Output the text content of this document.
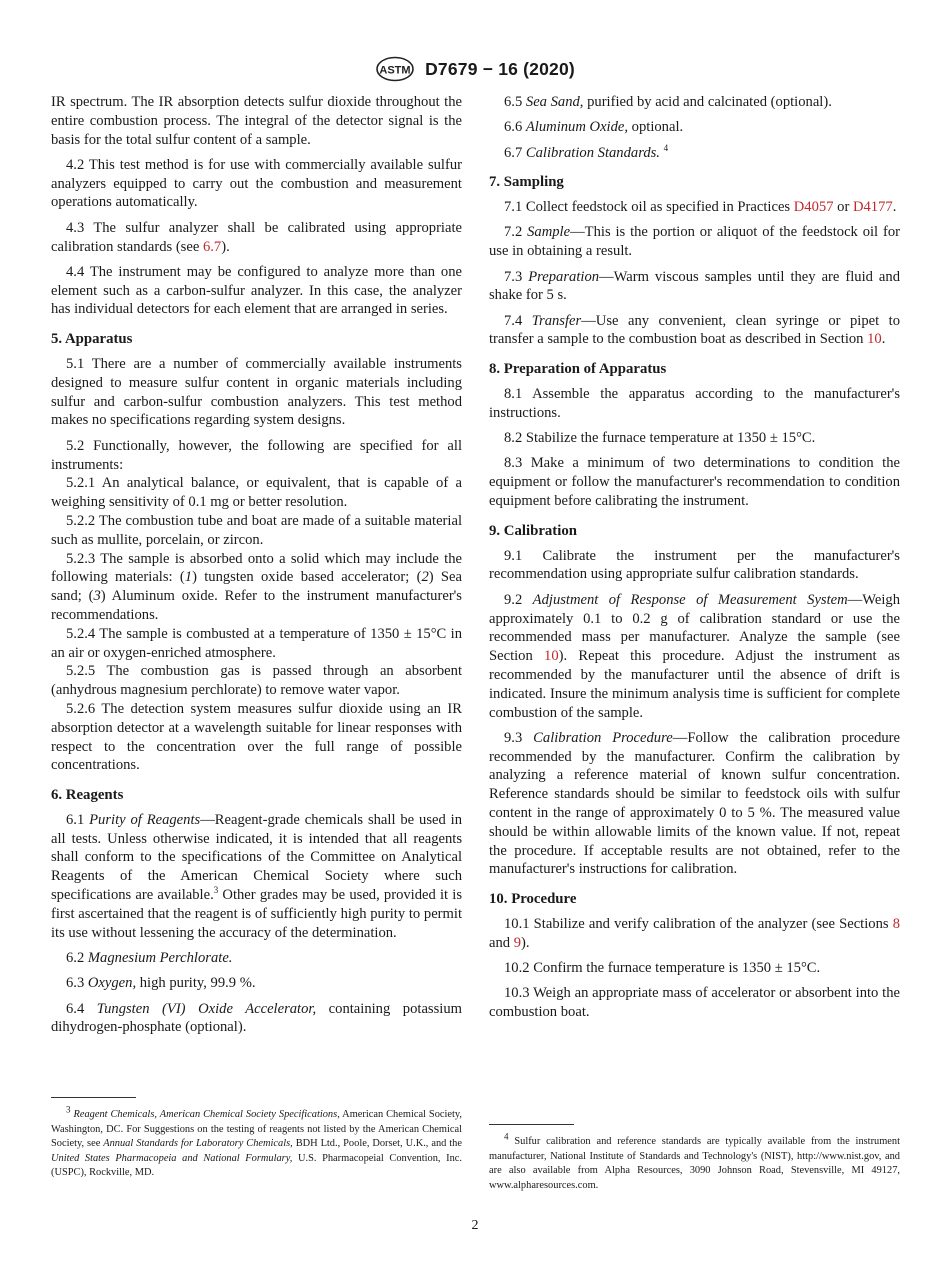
ASTM D7679 − 16 (2020)

IR spectrum. The IR absorption detects sulfur dioxide throughout the entire combustion process. The integral of the detector signal is the basis for the total sulfur content of a sample.

4.2 This test method is for use with commercially available sulfur analyzers equipped to carry out the combustion and measurement operations automatically.

4.3 The sulfur analyzer shall be calibrated using appropriate calibration standards (see 6.7).

4.4 The instrument may be configured to analyze more than one element such as a carbon-sulfur analyzer. In this case, the analyzer has individual detectors for each element that are arranged in series.

5. Apparatus

5.1 There are a number of commercially available instruments designed to measure sulfur content in organic materials including sulfur and carbon-sulfur combustion analyzers. This test method makes no specifications regarding system designs.

5.2 Functionally, however, the following are specified for all instruments:

5.2.1 An analytical balance, or equivalent, that is capable of a weighing sensitivity of 0.1 mg or better resolution.

5.2.2 The combustion tube and boat are made of a suitable material such as mullite, porcelain, or zircon.

5.2.3 The sample is absorbed onto a solid which may include the following materials: (1) tungsten oxide based accelerator; (2) Sea sand; (3) Aluminum oxide. Refer to the instrument manufacturer's recommendations.

5.2.4 The sample is combusted at a temperature of 1350 ± 15°C in an air or oxygen-enriched atmosphere.

5.2.5 The combustion gas is passed through an absorbent (anhydrous magnesium perchlorate) to remove water vapor.

5.2.6 The detection system measures sulfur dioxide using an IR absorption detector at a wavelength suitable for linear responses with respect to the concentration over the full range of possible concentrations.

6. Reagents

6.1 Purity of Reagents—Reagent-grade chemicals shall be used in all tests. Unless otherwise indicated, it is intended that all reagents shall conform to the specifications of the Committee on Analytical Reagents of the American Chemical Society where such specifications are available.$^3$ Other grades may be used, provided it is first ascertained that the reagent is of sufficiently high purity to permit its use without lessening the accuracy of the determination.

6.2 Magnesium Perchlorate.

6.3 Oxygen, high purity, 99.9 %.

6.4 Tungsten (VI) Oxide Accelerator, containing potassium dihydrogen-phosphate (optional).

6.5 Sea Sand, purified by acid and calcinated (optional).

6.6 Aluminum Oxide, optional.

6.7 Calibration Standards. $^4$

7. Sampling

7.1 Collect feedstock oil as specified in Practices D4057 or D4177.

7.2 Sample—This is the portion or aliquot of the feedstock oil for use in obtaining a result.

7.3 Preparation—Warm viscous samples until they are fluid and shake for 5 s.

7.4 Transfer—Use any convenient, clean syringe or pipet to transfer a sample to the combustion boat as described in Section 10.

8. Preparation of Apparatus

8.1 Assemble the apparatus according to the manufacturer's instructions.

8.2 Stabilize the furnace temperature at 1350 ± 15°C.

8.3 Make a minimum of two determinations to condition the equipment or follow the manufacturer's recommendation to condition equipment before calibrating the instrument.

9. Calibration

9.1 Calibrate the instrument per the manufacturer's recommendation using appropriate sulfur calibration standards.

9.2 Adjustment of Response of Measurement System—Weigh approximately 0.1 to 0.2 g of calibration standard or use the recommended mass per manufacturer. Analyze the sample (see Section 10). Repeat this procedure. Adjust the instrument as recommended by the manufacturer until the absence of drift is indicated. Insure the minimum analysis time is sufficient for complete combustion of the sample.

9.3 Calibration Procedure—Follow the calibration procedure recommended by the manufacturer. Confirm the calibration by analyzing a reference material of known sulfur concentration. Reference standards should be similar to feedstock oils with sulfur content in the range of approximately 0 to 5 %. The measured value should be within allowable limits of the known value. If not, repeat the procedure. If acceptable results are not obtained, refer to the manufacturer's instructions for calibration.

10. Procedure

10.1 Stabilize and verify calibration of the analyzer (see Sections 8 and 9).

10.2 Confirm the furnace temperature is 1350 ± 15°C.

10.3 Weigh an appropriate mass of accelerator or absorbent into the combustion boat.

$^3$ Reagent Chemicals, American Chemical Society Specifications, American Chemical Society, Washington, DC. For Suggestions on the testing of reagents not listed by the American Chemical Society, see Annual Standards for Laboratory Chemicals, BDH Ltd., Poole, Dorset, U.K., and the United States Pharmacopeia and National Formulary, U.S. Pharmacopeial Convention, Inc. (USPC), Rockville, MD.

$^4$ Sulfur calibration and reference standards are typically available from the instrument manufacturer, National Institute of Standards and Technology's (NIST), http://www.nist.gov, and are also available from Alpha Resources, 3090 Johnson Road, Stevensville, MI 49127, www.alpharesources.com.

2
